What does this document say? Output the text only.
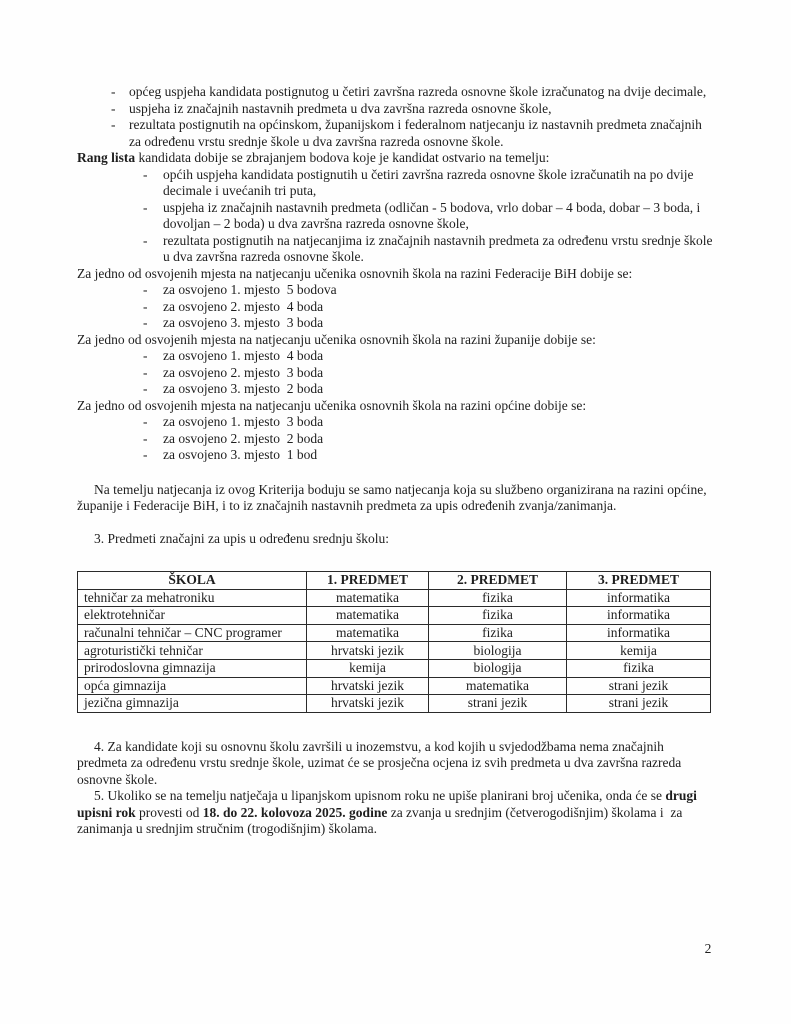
- općeg uspjeha kandidata postignutog u četiri završna razreda osnovne škole izračunatog na dvije decimale,
- uspjeha iz značajnih nastavnih predmeta u dva završna razreda osnovne škole,
- rezultata postignutih na općinskom, županijskom i federalnom natjecanju iz nastavnih predmeta značajnih za određenu vrstu srednje škole u dva završna razreda osnovne škole.

Rang lista kandidata dobije se zbrajanjem bodova koje je kandidat ostvario na temelju:

- općih uspjeha kandidata postignutih u četiri završna razreda osnovne škole izračunatih na po dvije decimale i uvećanih tri puta,
- uspjeha iz značajnih nastavnih predmeta (odličan - 5 bodova, vrlo dobar – 4 boda, dobar – 3 boda, i  dovoljan – 2 boda) u dva završna razreda osnovne škole,
- rezultata postignutih na natjecanjima iz značajnih nastavnih predmeta za određenu vrstu srednje škole u dva završna razreda osnovne škole.

Za jedno od osvojenih mjesta na natjecanju učenika osnovnih škola na razini Federacije BiH dobije se:

- za osvojeno 1. mjesto  5 bodova
- za osvojeno 2. mjesto  4 boda
- za osvojeno 3. mjesto  3 boda

Za jedno od osvojenih mjesta na natjecanju učenika osnovnih škola na razini županije dobije se:

- za osvojeno 1. mjesto  4 boda
- za osvojeno 2. mjesto  3 boda
- za osvojeno 3. mjesto  2 boda

Za jedno od osvojenih mjesta na natjecanju učenika osnovnih škola na razini općine dobije se:

- za osvojeno 1. mjesto  3 boda
- za osvojeno 2. mjesto  2 boda
- za osvojeno 3. mjesto  1 bod

Na temelju natjecanja iz ovog Kriterija boduju se samo natjecanja koja su službeno organizirana na razini općine, županije i Federacije BiH, i to iz značajnih nastavnih predmeta za upis određenih zvanja/zanimanja.

3. Predmeti značajni za upis u određenu srednju školu:

ŠKOLA	1. PREDMET	2. PREDMET	3. PREDMET
tehničar za mehatroniku	matematika	fizika	informatika
elektrotehničar	matematika	fizika	informatika
računalni tehničar – CNC programer	matematika	fizika	informatika
agroturistički tehničar	hrvatski jezik	biologija	kemija
prirodoslovna gimnazija	kemija	biologija	fizika
opća gimnazija	hrvatski jezik	matematika	strani jezik
jezična gimnazija	hrvatski jezik	strani jezik	strani jezik

4. Za kandidate koji su osnovnu školu završili u inozemstvu, a kod kojih u svjedodžbama nema značajnih predmeta za određenu vrstu srednje škole, uzimat će se prosječna ocjena iz svih predmeta u dva završna razreda osnovne škole.

5. Ukoliko se na temelju natječaja u lipanjskom upisnom roku ne upiše planirani broj učenika, onda će se drugi upisni rok provesti od 18. do 22. kolovoza 2025. godine za zvanja u srednjim (četverogodišnjim) školama i  za zanimanja u srednjim stručnim (trogodišnjim) školama.

2
